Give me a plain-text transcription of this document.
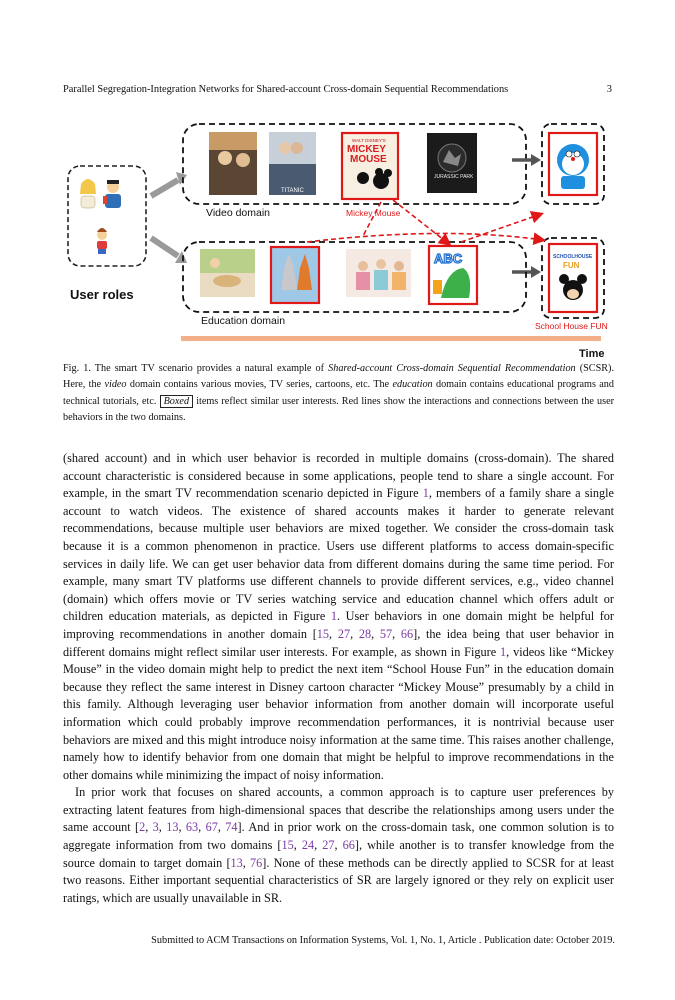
Parallel Segregation-Integration Networks for Shared-account Cross-domain Sequential Recommendations	3
User roles
TITANIC
WALT DISNEY'S
MICKEY
MOUSE
JURASSIC PARK
Video domain	Mickey Mouse
ABC
Education domain
SCHOOLHOUSE
FUN
School House FUN
Time
Fig. 1. The smart TV scenario provides a natural example of Shared-account Cross-domain Sequential Recommendation (SCSR). Here, the video domain contains various movies, TV series, cartoons, etc. The education domain contains educational programs and technical tutorials, etc. Boxed items reflect similar user interests. Red lines show the interactions and connections between the user behaviors in the two domains.

(shared account) and in which user behavior is recorded in multiple domains (cross-domain). The shared account characteristic is considered because in some applications, people tend to share a single account. For example, in the smart TV recommendation scenario depicted in Figure 1, members of a family share a single account to watch videos. The existence of shared accounts makes it harder to generate relevant recommendations, because multiple user behaviors are mixed together. We consider the cross-domain task because it is a common phenomenon in practice. Users use different platforms to access domain-specific services in daily life. We can get user behavior data from different domains during the same time period. For example, many smart TV platforms use different channels to provide different services, e.g., video channel (domain) which offers movie or TV series watching service and education channel which offers adult or children education materials, as depicted in Figure 1. User behaviors in one domain might be helpful for improving recommendations in another domain [15, 27, 28, 57, 66], the idea being that user behavior in different domains might reflect similar user interests. For example, as shown in Figure 1, videos like “Mickey Mouse” in the video domain might help to predict the next item “School House Fun” in the education domain because they reflect the same interest in Disney cartoon character “Mickey Mouse” presumably by a child in this family. Although leveraging user behavior information from another domain will incorporate useful information which could probably improve recommendation performances, it is nontrivial because user behaviors are mixed and this might introduce noisy information at the same time. This raises another challenge, namely how to identify behavior from one domain that might be helpful to improve recommendations in the other domains while minimizing the impact of noisy information.

In prior work that focuses on shared accounts, a common approach is to capture user preferences by extracting latent features from high-dimensional spaces that describe the relationships among users under the same account [2, 3, 13, 63, 67, 74]. And in prior work on the cross-domain task, one common solution is to aggregate information from two domains [15, 24, 27, 66], while another is to transfer knowledge from the source domain to target domain [13, 76]. None of these methods can be directly applied to SCSR for at least two reasons. Either important sequential characteristics of SR are largely ignored or they rely on explicit user ratings, which are usually unavailable in SR.

Submitted to ACM Transactions on Information Systems, Vol. 1, No. 1, Article . Publication date: October 2019.
